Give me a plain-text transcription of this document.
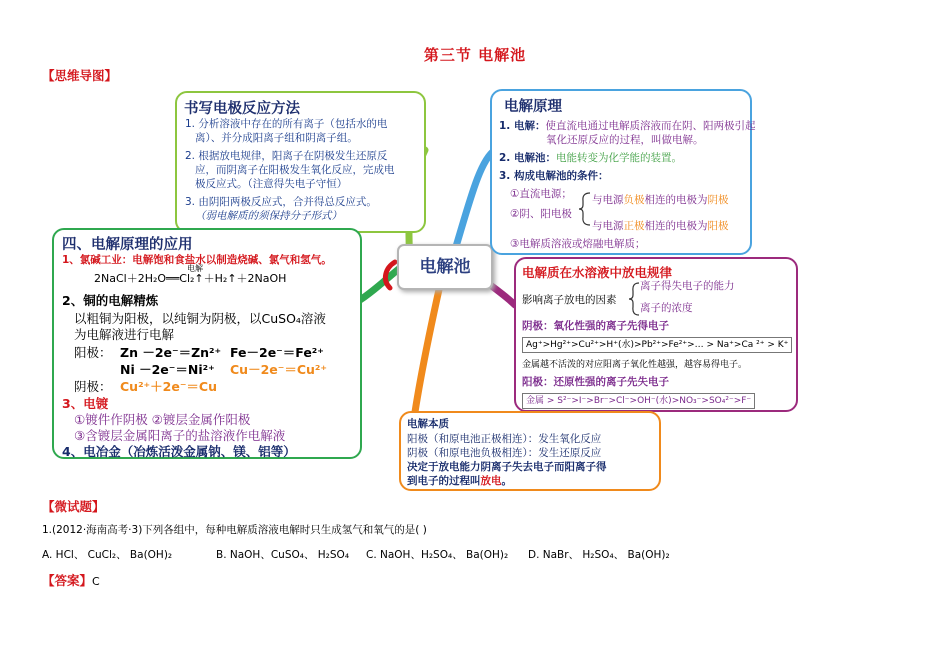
第三节 电解池
【思维导图】
电解池
书写电极反应方法
1. 分析溶液中存在的所有离子（包括水的电
离）、并分成阳离子组和阴离子组。
2. 根据放电规律，阳离子在阴极发生还原反
应，而阴离子在阳极发生氧化反应，完成电
极反应式。（注意得失电子守恒）
3. 由阴阳两极反应式，合并得总反应式。
（弱电解质的须保持分子形式）
电解原理
1. 电解：使直流电通过电解质溶液而在阴、阳两极引起
氧化还原反应的过程，叫做电解。
2. 电解池：电能转变为化学能的装置。
3. 构成电解池的条件：
①直流电源；
②阴、阳电极
与电源负极相连的电极为阴极
与电源正极相连的电极为阳极
③电解质溶液或熔融电解质；
四、电解原理的应用
1、氯碱工业：电解饱和食盐水以制造烧碱、氯气和氢气。
电解
2NaCl＋2H₂O══Cl₂↑＋H₂↑＋2NaOH
2、铜的电解精炼
以粗铜为阳极，以纯铜为阴极，以CuSO₄溶液
为电解液进行电解
阳极： Zn －2e⁻＝Zn²⁺ Fe－2e⁻＝Fe²⁺
Ni －2e⁻＝Ni²⁺ Cu－2e⁻＝Cu²⁺
阴极： Cu²⁺＋2e⁻＝Cu
3、电镀
①镀件作阴极 ②镀层金属作阳极
③含镀层金属阳离子的盐溶液作电解液
4、电冶金（冶炼活泼金属钠、镁、铝等）
电解质在水溶液中放电规律
影响离子放电的因素
离子得失电子的能力
离子的浓度
阴极：氧化性强的离子先得电子
Ag⁺>Hg²⁺>Cu²⁺>H⁺(水)>Pb²⁺>Fe²⁺>… > Na⁺>Ca ²⁺ > K⁺
金属越不活泼的对应阳离子氧化性越强，越容易得电子。
阳极：还原性强的离子先失电子
金属 > S²⁻>I⁻>Br⁻>Cl⁻>OH⁻(水)>NO₃⁻>SO₄²⁻>F⁻
电解本质
阳极（和原电池正极相连）：发生氧化反应
阴极（和原电池负极相连）：发生还原反应
决定于放电能力阴离子失去电子而阳离子得
到电子的过程叫放电。
【微试题】
1.(2012·海南高考·3)下列各组中，每种电解质溶液电解时只生成氢气和氧气的是( )
A. HCl、 CuCl₂、 Ba(OH)₂	B. NaOH、CuSO₄、 H₂SO₄ C. NaOH、H₂SO₄、 Ba(OH)₂ D. NaBr、 H₂SO₄、 Ba(OH)₂
【答案】C
